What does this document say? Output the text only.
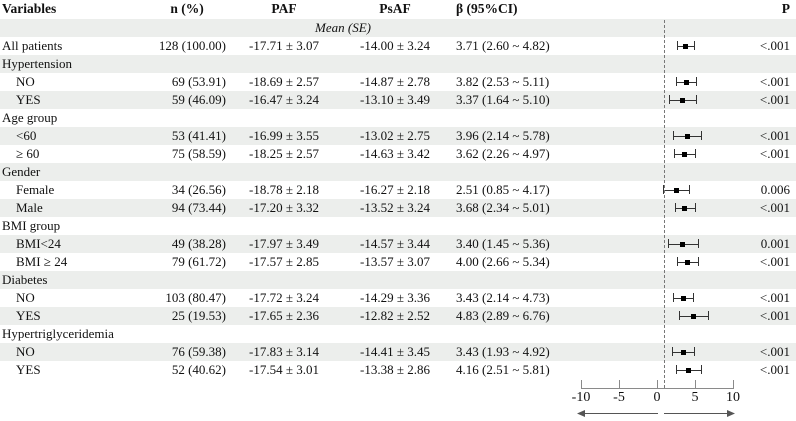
Variables	n (%)	PAF	PsAF	β (95%CI)	P
Mean (SE)
All patients	128 (100.00)	-17.71 ± 3.07	-14.00 ± 3.24	3.71 (2.60 ~ 4.82)	<.001
Hypertension
NO	69 (53.91)	-18.69 ± 2.57	-14.87 ± 2.78	3.82 (2.53 ~ 5.11)	<.001
YES	59 (46.09)	-16.47 ± 3.24	-13.10 ± 3.49	3.37 (1.64 ~ 5.10)	<.001
Age group
<60	53 (41.41)	-16.99 ± 3.55	-13.02 ± 2.75	3.96 (2.14 ~ 5.78)	<.001
≥ 60	75 (58.59)	-18.25 ± 2.57	-14.63 ± 3.42	3.62 (2.26 ~ 4.97)	<.001
Gender
Female	34 (26.56)	-18.78 ± 2.18	-16.27 ± 2.18	2.51 (0.85 ~ 4.17)	0.006
Male	94 (73.44)	-17.20 ± 3.32	-13.52 ± 3.24	3.68 (2.34 ~ 5.01)	<.001
BMI group
BMI<24	49 (38.28)	-17.97 ± 3.49	-14.57 ± 3.44	3.40 (1.45 ~ 5.36)	0.001
BMI ≥ 24	79 (61.72)	-17.57 ± 2.85	-13.57 ± 3.07	4.00 (2.66 ~ 5.34)	<.001
Diabetes
NO	103 (80.47)	-17.72 ± 3.24	-14.29 ± 3.36	3.43 (2.14 ~ 4.73)	<.001
YES	25 (19.53)	-17.65 ± 2.36	-12.82 ± 2.52	4.83 (2.89 ~ 6.76)	<.001
Hypertriglyceridemia
NO	76 (59.38)	-17.83 ± 3.14	-14.41 ± 3.45	3.43 (1.93 ~ 4.92)	<.001
YES	52 (40.62)	-17.54 ± 3.01	-13.38 ± 2.86	4.16 (2.51 ~ 5.81)	<.001
-10	-5	0	5	10
